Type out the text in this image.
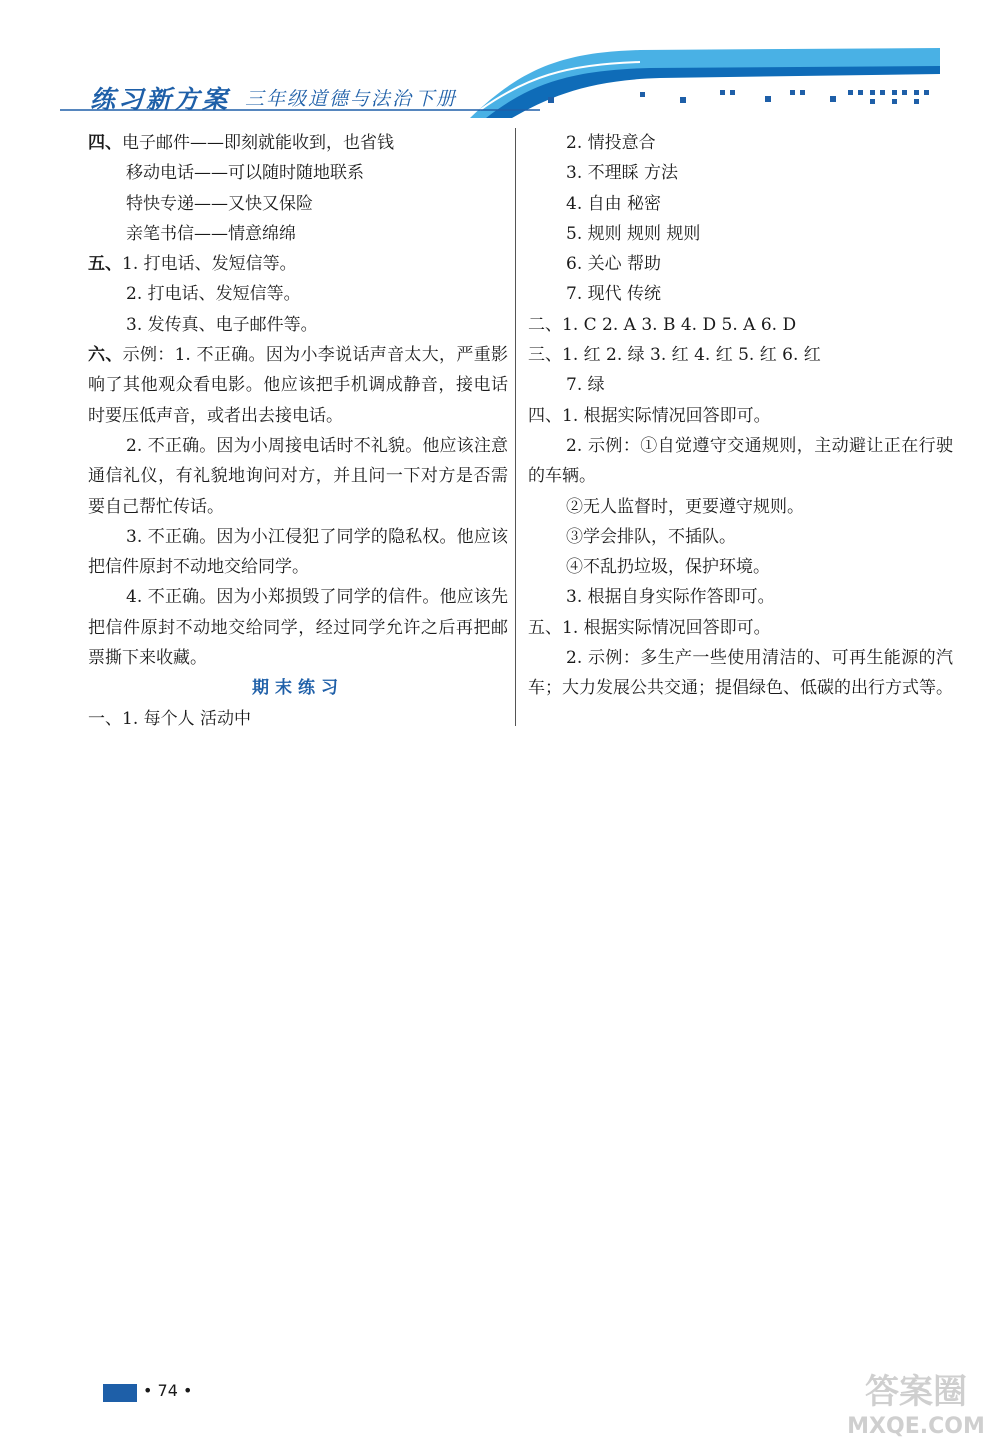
练习新方案 三年级道德与法治 下册
四、电子邮件——即刻就能收到，也省钱
移动电话——可以随时随地联系
特快专递——又快又保险
亲笔书信——情意绵绵
五、1. 打电话、发短信等。
2. 打电话、发短信等。
3. 发传真、电子邮件等。
六、示例：1. 不正确。因为小李说话声音太大，严重影响了其他观众看电影。他应该把手机调成静音，接电话时要压低声音，或者出去接电话。
2. 不正确。因为小周接电话时不礼貌。他应该注意通信礼仪，有礼貌地询问对方，并且问一下对方是否需要自己帮忙传话。
3. 不正确。因为小江侵犯了同学的隐私权。他应该把信件原封不动地交给同学。
4. 不正确。因为小郑损毁了同学的信件。他应该先把信件原封不动地交给同学，经过同学允许之后再把邮票撕下来收藏。
期末练习
一、1. 每个人 活动中
2. 情投意合
3. 不理睬 方法
4. 自由 秘密
5. 规则 规则 规则
6. 关心 帮助
7. 现代 传统
二、1. C 2. A 3. B 4. D 5. A 6. D
三、1. 红 2. 绿 3. 红 4. 红 5. 红 6. 红
7. 绿
四、1. 根据实际情况回答即可。
2. 示例：①自觉遵守交通规则，主动避让正在行驶的车辆。
②无人监督时，更要遵守规则。
③学会排队，不插队。
④不乱扔垃圾，保护环境。
3. 根据自身实际作答即可。
五、1. 根据实际情况回答即可。
2. 示例：多生产一些使用清洁的、可再生能源的汽车；大力发展公共交通；提倡绿色、低碳的出行方式等。
• 74 •	答案圈
MXQE.COM
